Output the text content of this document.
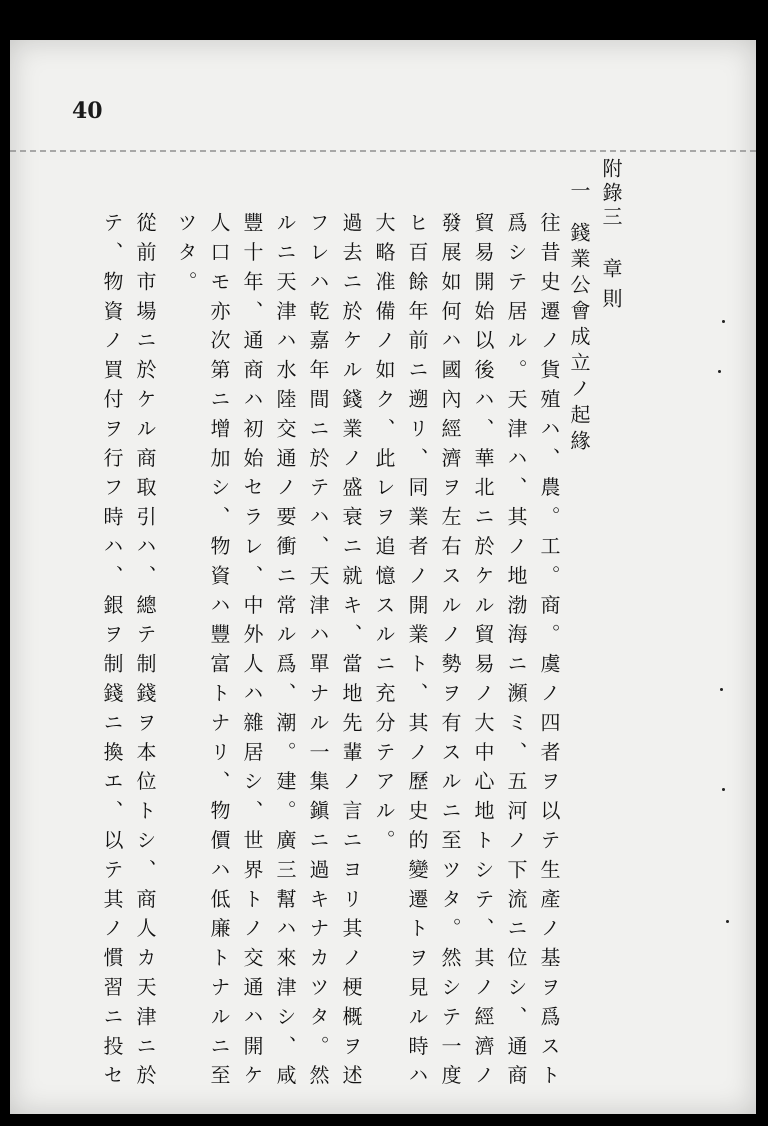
40
附錄三
章則
一
錢業公會成立ノ起緣
往昔史遷ノ貨殖ハ、農。工。商。虞ノ四者ヲ以テ生產ノ基ヲ爲スト
爲シテ居ル。天津ハ、其ノ地渤海ニ瀕ミ、五河ノ下流ニ位シ、通商
貿易開始以後ハ、華北ニ於ケル貿易ノ大中心地トシテ、其ノ經濟ノ
發展如何ハ國內經濟ヲ左右スルノ勢ヲ有スルニ至ツタ。然シテ一度
ヒ百餘年前ニ遡リ、同業者ノ開業ト、其ノ歷史的變遷トヲ見ル時ハ
大略准備ノ如ク、此レヲ追憶スルニ充分テアル。
過去ニ於ケル錢業ノ盛衰ニ就キ、當地先輩ノ言ニヨリ其ノ梗概ヲ述
フレハ乾嘉年間ニ於テハ、天津ハ單ナル一集鎭ニ過キナカツタ。然
ルニ天津ハ水陸交通ノ要衝ニ常ル爲、潮。建。廣三幫ハ來津シ、咸
豐十年、通商ハ初始セラレ、中外人ハ雜居シ、世界トノ交通ハ開ケ
人口モ亦次第ニ增加シ、物資ハ豐富トナリ、物價ハ低廉トナルニ至
ツタ。
從前市場ニ於ケル商取引ハ、總テ制錢ヲ本位トシ、商人カ天津ニ於
テ、物資ノ買付ヲ行フ時ハ、銀ヲ制錢ニ換エ、以テ其ノ慣習ニ投セ
